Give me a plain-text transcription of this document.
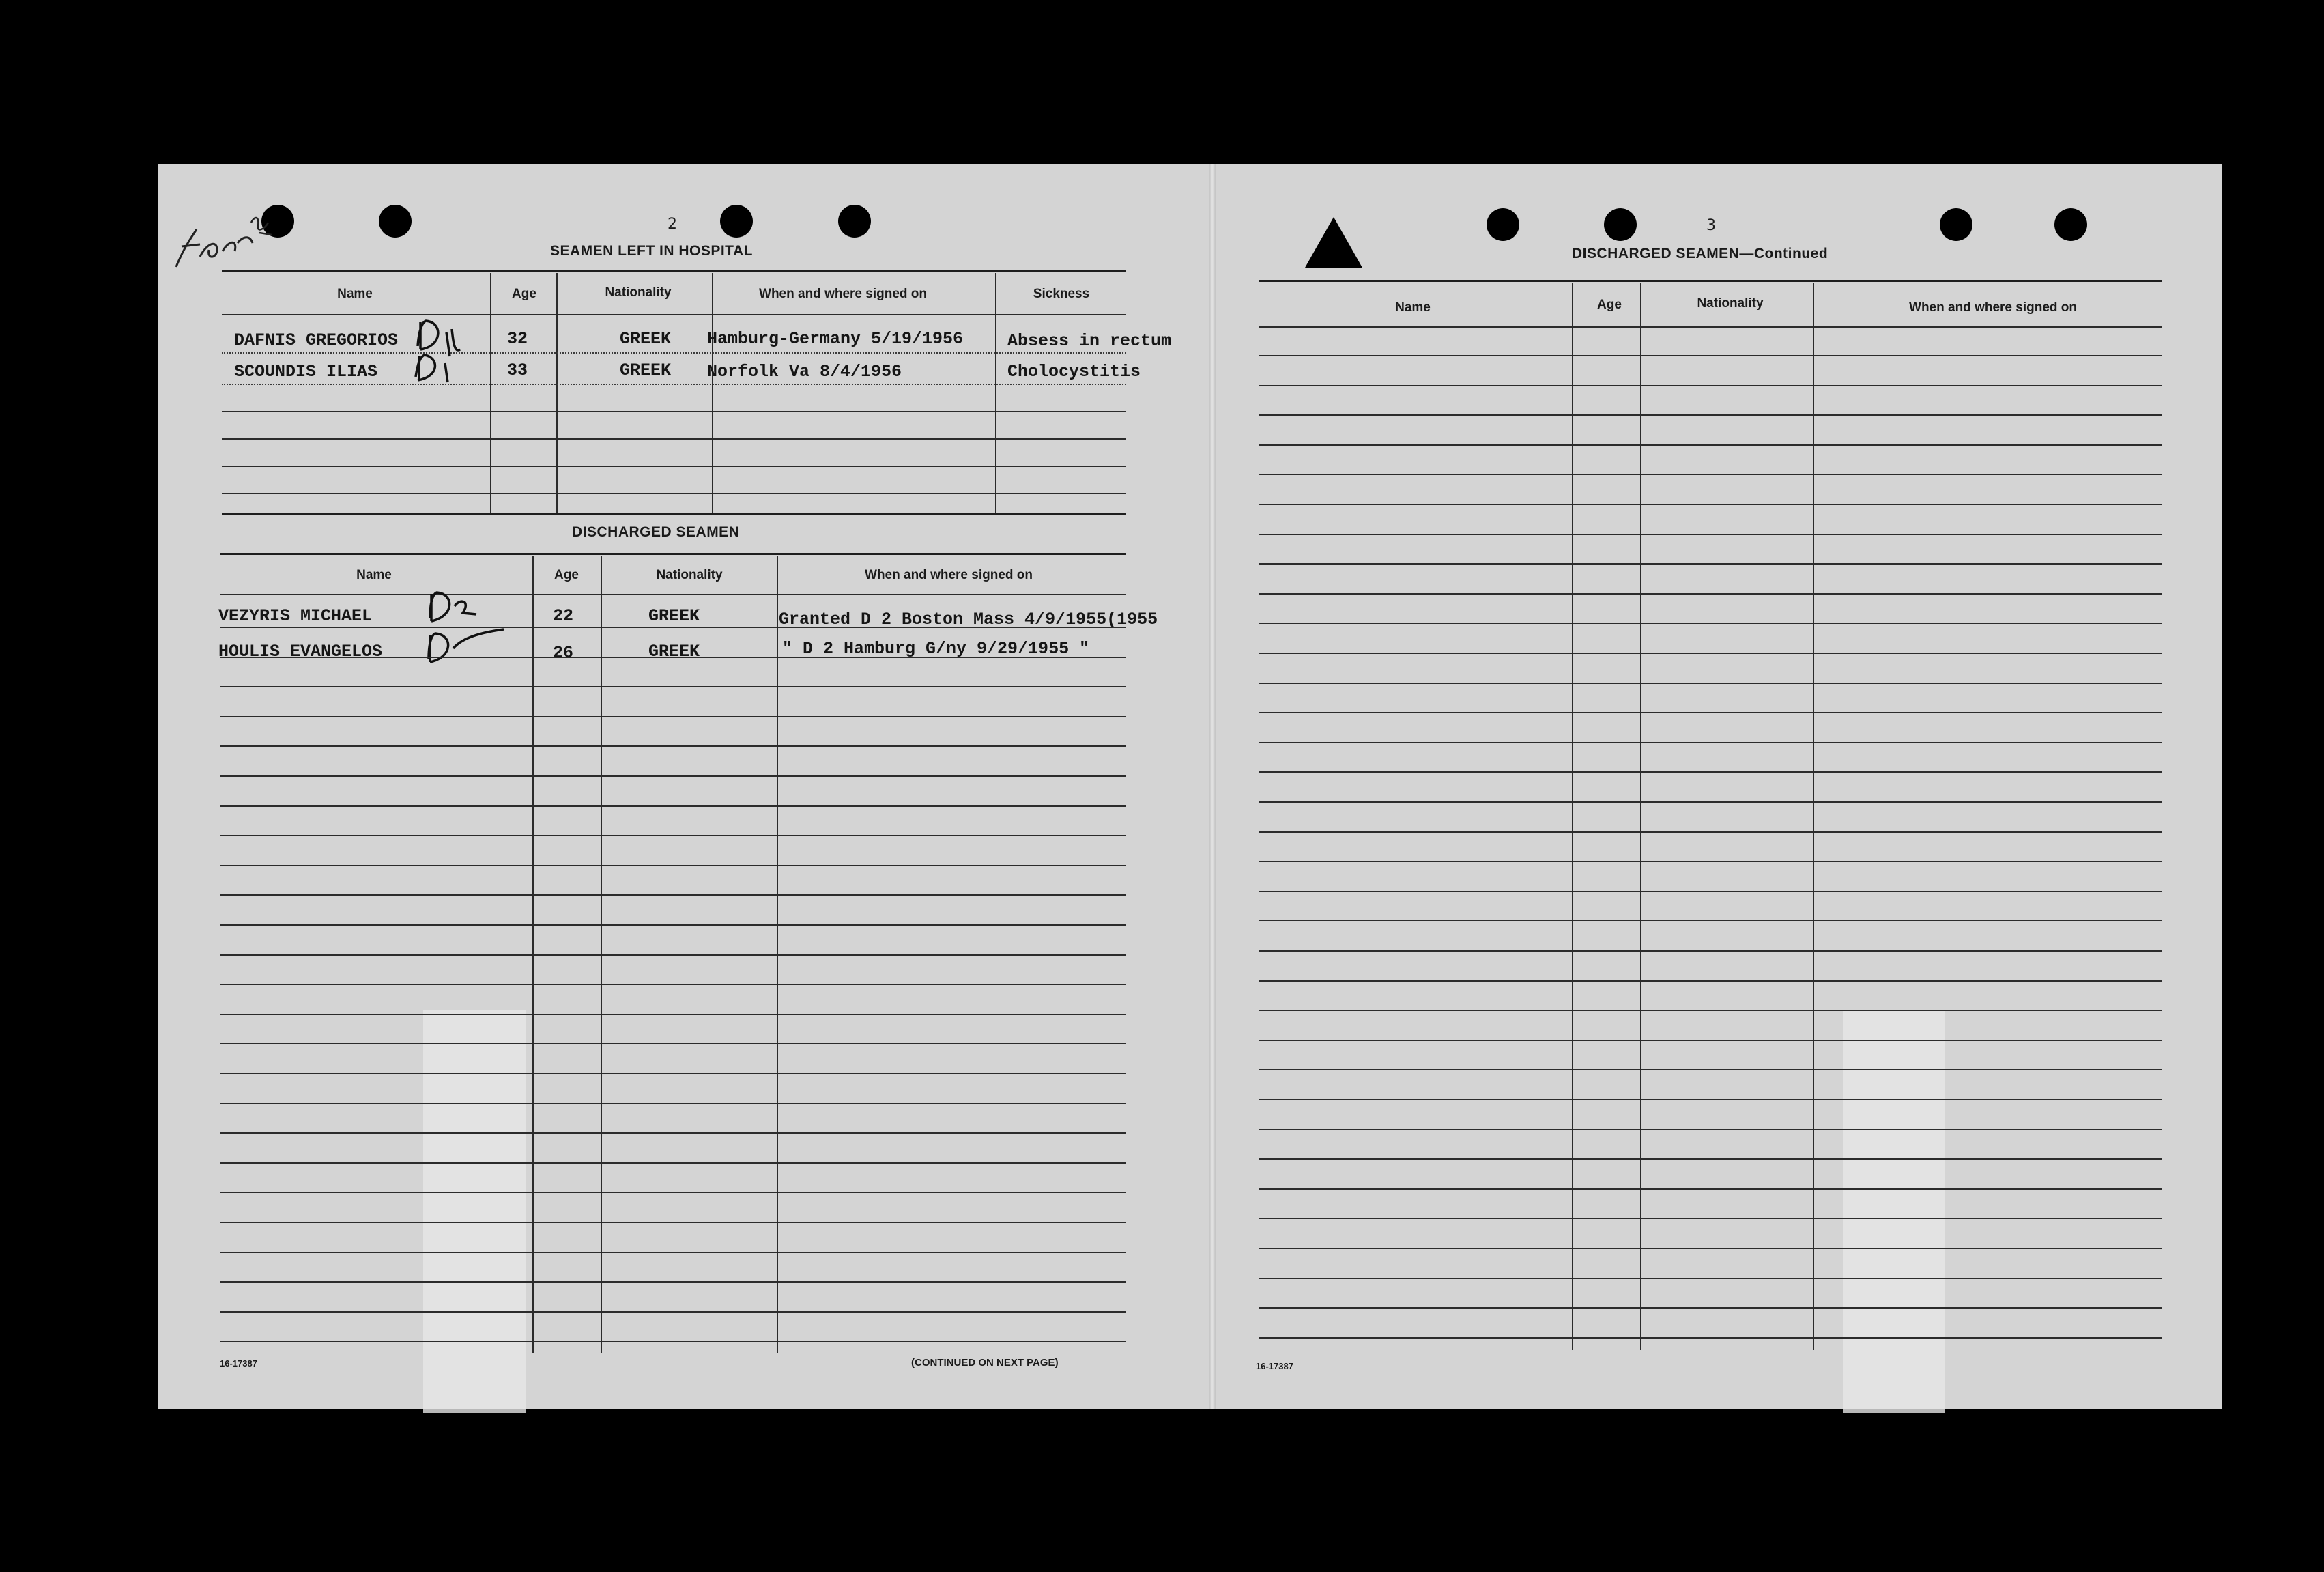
2
SEAMEN LEFT IN HOSPITAL
Name	Age	Nationality	When and where signed on	Sickness
DAFNIS GREGORIOS	32	GREEK Hamburg-Germany 5/19/1956	Absess in rectum
SCOUNDIS ILIAS	33	GREEK Norfolk Va 8/4/1956	Cholocystitis
DISCHARGED SEAMEN
Name	Age	Nationality	When and where signed on
VEZYRIS MICHAEL	22	GREEK	Granted D 2 Boston Mass 4/9/1955(1955
HOULIS EVANGELOS	26	GREEK	" D 2 Hamburg G/ny 9/29/1955 "
16-17387	(CONTINUED ON NEXT PAGE)
3
DISCHARGED SEAMEN—Continued
Name	Age	Nationality	When and where signed on
16-17387
